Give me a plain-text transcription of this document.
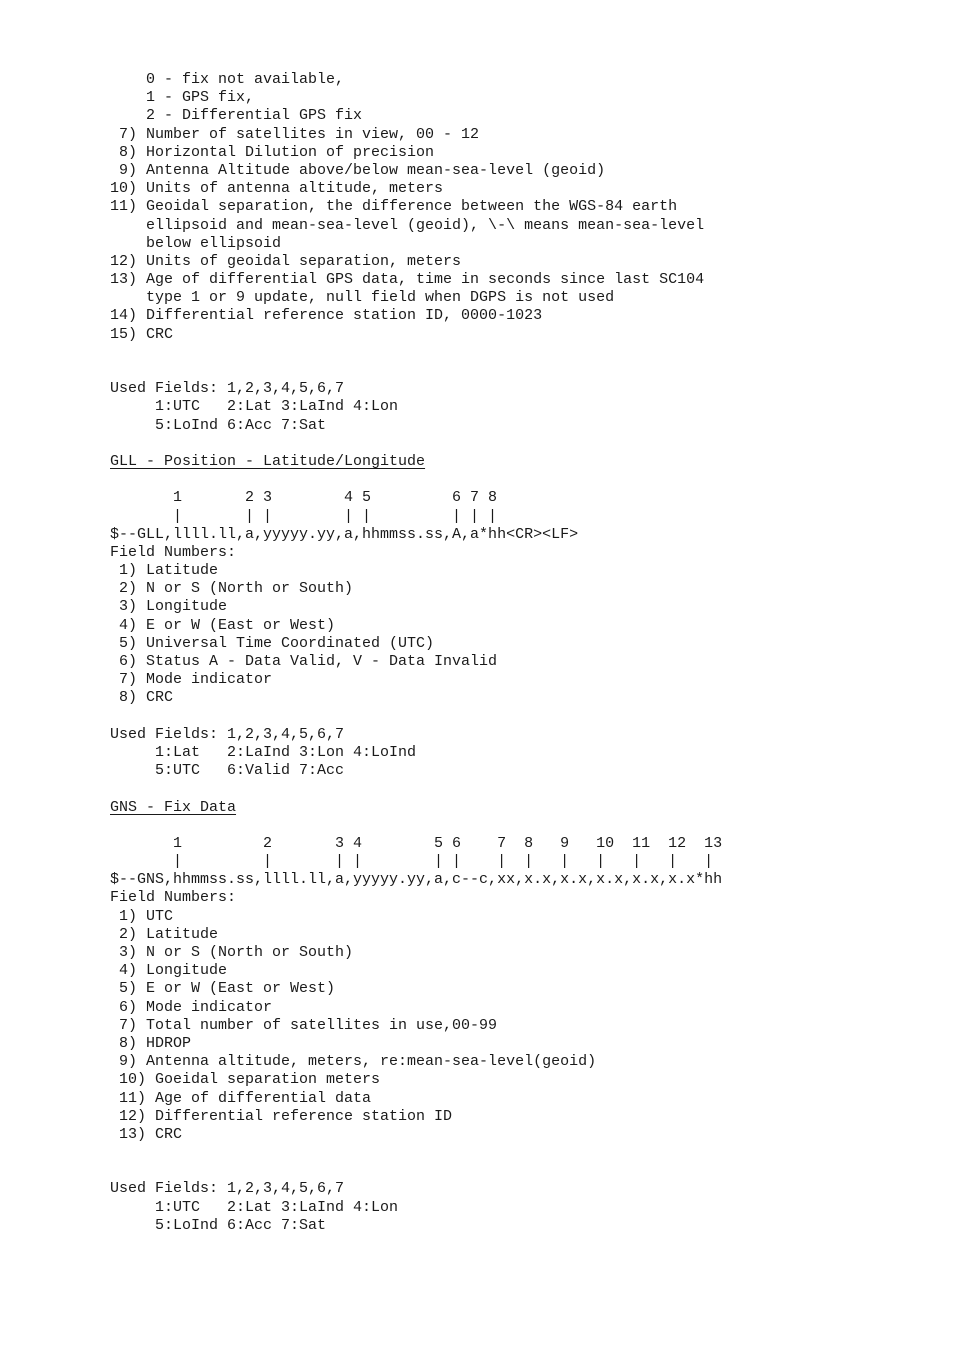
0 - fix not available,
1 - GPS fix,
2 - Differential GPS fix
7) Number of satellites in view, 00 - 12
8) Horizontal Dilution of precision
9) Antenna Altitude above/below mean-sea-level (geoid)
10) Units of antenna altitude, meters
11) Geoidal separation, the difference between the WGS-84 earth
ellipsoid and mean-sea-level (geoid), \-\ means mean-sea-level
below ellipsoid
12) Units of geoidal separation, meters
13) Age of differential GPS data, time in seconds since last SC104
type 1 or 9 update, null field when DGPS is not used
14) Differential reference station ID, 0000-1023
15) CRC
Used Fields: 1,2,3,4,5,6,7
1:UTC   2:Lat 3:LaInd 4:Lon
5:LoInd 6:Acc 7:Sat
GLL - Position - Latitude/Longitude
1       2 3        4 5         6 7 8
|       | |        | |         | | |
$--GLL,llll.ll,a,yyyyy.yy,a,hhmmss.ss,A,a*hh<CR><LF>
Field Numbers:
1) Latitude
2) N or S (North or South)
3) Longitude
4) E or W (East or West)
5) Universal Time Coordinated (UTC)
6) Status A - Data Valid, V - Data Invalid
7) Mode indicator
8) CRC
Used Fields: 1,2,3,4,5,6,7
1:Lat   2:LaInd 3:Lon 4:LoInd
5:UTC   6:Valid 7:Acc
GNS - Fix Data
1         2       3 4        5 6    7  8   9   10  11  12  13
|         |       | |        | |    |  |   |   |   |   |   |
$--GNS,hhmmss.ss,llll.ll,a,yyyyy.yy,a,c--c,xx,x.x,x.x,x.x,x.x,x.x*hh
Field Numbers:
1) UTC
2) Latitude
3) N or S (North or South)
4) Longitude
5) E or W (East or West)
6) Mode indicator
7) Total number of satellites in use,00-99
8) HDROP
9) Antenna altitude, meters, re:mean-sea-level(geoid)
10) Goeidal separation meters
11) Age of differential data
12) Differential reference station ID
13) CRC
Used Fields: 1,2,3,4,5,6,7
1:UTC   2:Lat 3:LaInd 4:Lon
5:LoInd 6:Acc 7:Sat
